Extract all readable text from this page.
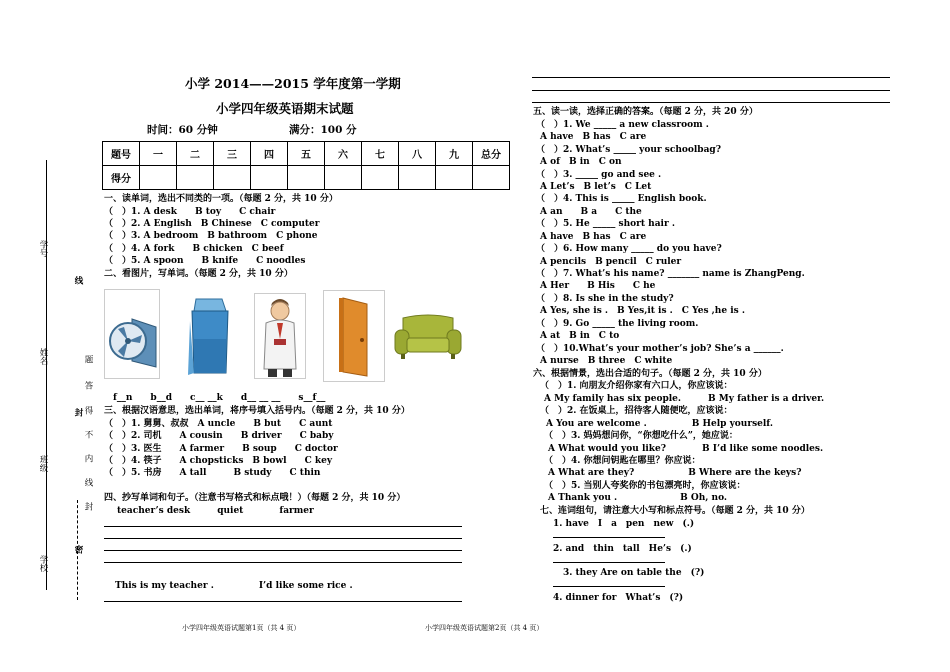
学号
姓名
班级
学校
线
题
答
封 得
不
内
线
封
密
小学 2014——2015 学年度第一学期
小学四年级英语期末试题
时间：60 分钟	满分：100 分
题号	一	二	三	四	五	六	七	八	九	总分
得分										
一、读单词，选出不同类的一项。（每题 2 分，共 10 分）
（　）1. A desk　　B toy　　C chair
（　）2. A English　B Chinese　C computer
（　）3. A bedroom　B bathroom　C phone
（　）4. A fork　　B chicken　C beef
（　）5. A spoon　　B knife　　C noodles
二、看图片，写单词。（每题 2 分，共 10 分）
f__n　　b__d　　c__ __k　　d__ __ __　　s__f__
三、根据汉语意思，选出单词，将序号填入括号内。（每题 2 分，共 10 分）
（　）1. 舅舅、叔叔　A uncle　　B but　　C aunt
（　）2. 司机　　A cousin　　B driver　　C baby
（　）3. 医生　　A farmer　　B soup　　C doctor
（　）4. 筷子　　A chopsticks　B bowl　　C key
（　）5. 书房　　A tall　　　B study　　C thin
四、抄写单词和句子。（注意书写格式和标点哦！）（每题 2 分，共 10 分）
teacher’s desk　　　quiet　　　　farmer
This is my teacher .　　　　　I’d like some rice .
五、读一读，选择正确的答案。（每题 2 分，共 20 分）
（　）1. We _____ a new classroom .
A have　B has　C are
（　）2. What’s _____ your schoolbag?
A of　B in　C on
（　）3. _____ go and see .
A Let’s　B let’s　C Let
（　）4. This is _____ English book.
A an　　B a　　C the
（　）5. He _____ short hair .
A have　B has　C are
（　）6. How many _____ do you have?
A pencils　B pencil　C ruler
（　）7. What’s his name? _______ name is ZhangPeng.
A Her　　B His　　C he
（　）8. Is she in the study?
A Yes, she is .　B Yes,it is .　C Yes ,he is .
（　）9. Go _____ the living room.
A at　B in　C to
（　）10.What’s your mother’s job? She’s a ______.
A nurse　B three　C white
六、根据情景，选出合适的句子。（每题 2 分，共 10 分）
（　）1. 向朋友介绍你家有六口人，你应该说：
A My family has six people.　　　B My father is a driver.
（　）2. 在饭桌上，招待客人随便吃，应该说：
A You are welcome .　　　　　B Help yourself.
（　）3. 妈妈想问你，“你想吃什么”，她应说：
A What would you like?　　　　B I’d like some noodles.
（　）4. 你想问钥匙在哪里？你应说：
A What are they?　　　　　　B Where are the keys?
（　）5. 当别人夸奖你的书包漂亮时，你应该说：
A Thank you .　　　　　　　B Oh, no.
七、连词组句，请注意大小写和标点符号。（每题 2 分，共 10 分）
1. have　I　a　pen　new　(.)
2. and　thin　tall　He’s　(.)
3. they Are on table the　(?)
4. dinner for　What’s　(?)
小学四年级英语试题第1页（共 4 页）	小学四年级英语试题第2页（共 4 页）
